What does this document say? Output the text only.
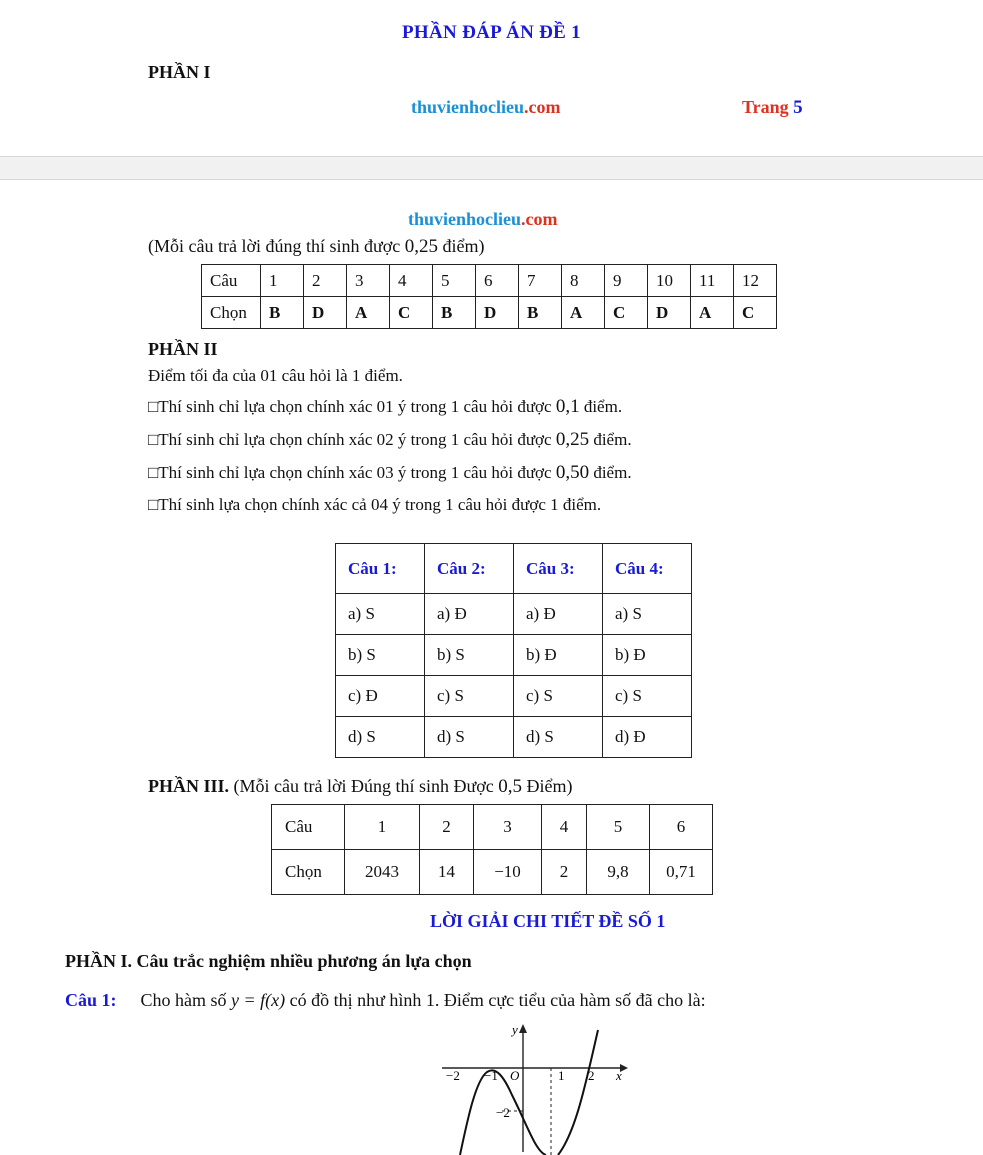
PHẦN ĐÁP ÁN ĐỀ 1
PHẦN I
thuvienhoclieu.com	Trang 5
thuvienhoclieu.com
(Mỗi câu trả lời đúng thí sinh được 0,25 điểm)
Câu	1	2	3	4	5	6	7	8	9	10	11	12
Chọn	B	D	A	C	B	D	B	A	C	D	A	C
PHẦN II
Điểm tối đa của 01 câu hỏi là 1 điểm.
□Thí sinh chỉ lựa chọn chính xác 01 ý trong 1 câu hỏi được 0,1 điểm.
□Thí sinh chỉ lựa chọn chính xác 02 ý trong 1 câu hỏi được 0,25 điểm.
□Thí sinh chỉ lựa chọn chính xác 03 ý trong 1 câu hỏi được 0,50 điểm.
□Thí sinh lựa chọn chính xác cả 04 ý trong 1 câu hỏi được 1 điểm.
Câu 1:	Câu 2:	Câu 3:	Câu 4:
a) S	a) Đ	a) Đ	a) S
b) S	b) S	b) Đ	b) Đ
c) Đ	c) S	c) S	c) S
d) S	d) S	d) S	d) Đ
PHẦN III. (Mỗi câu trả lời Đúng thí sinh Được 0,5 Điểm)
Câu	1	2	3	4	5	6
Chọn	2043	14	−10	2	9,8	0,71
LỜI GIẢI CHI TIẾT ĐỀ SỐ 1
PHẦN I. Câu trắc nghiệm nhiều phương án lựa chọn
Câu 1: Cho hàm số y = f(x) có đồ thị như hình 1. Điểm cực tiểu của hàm số đã cho là:
y
x
−2 −1 O	1 2
−2
